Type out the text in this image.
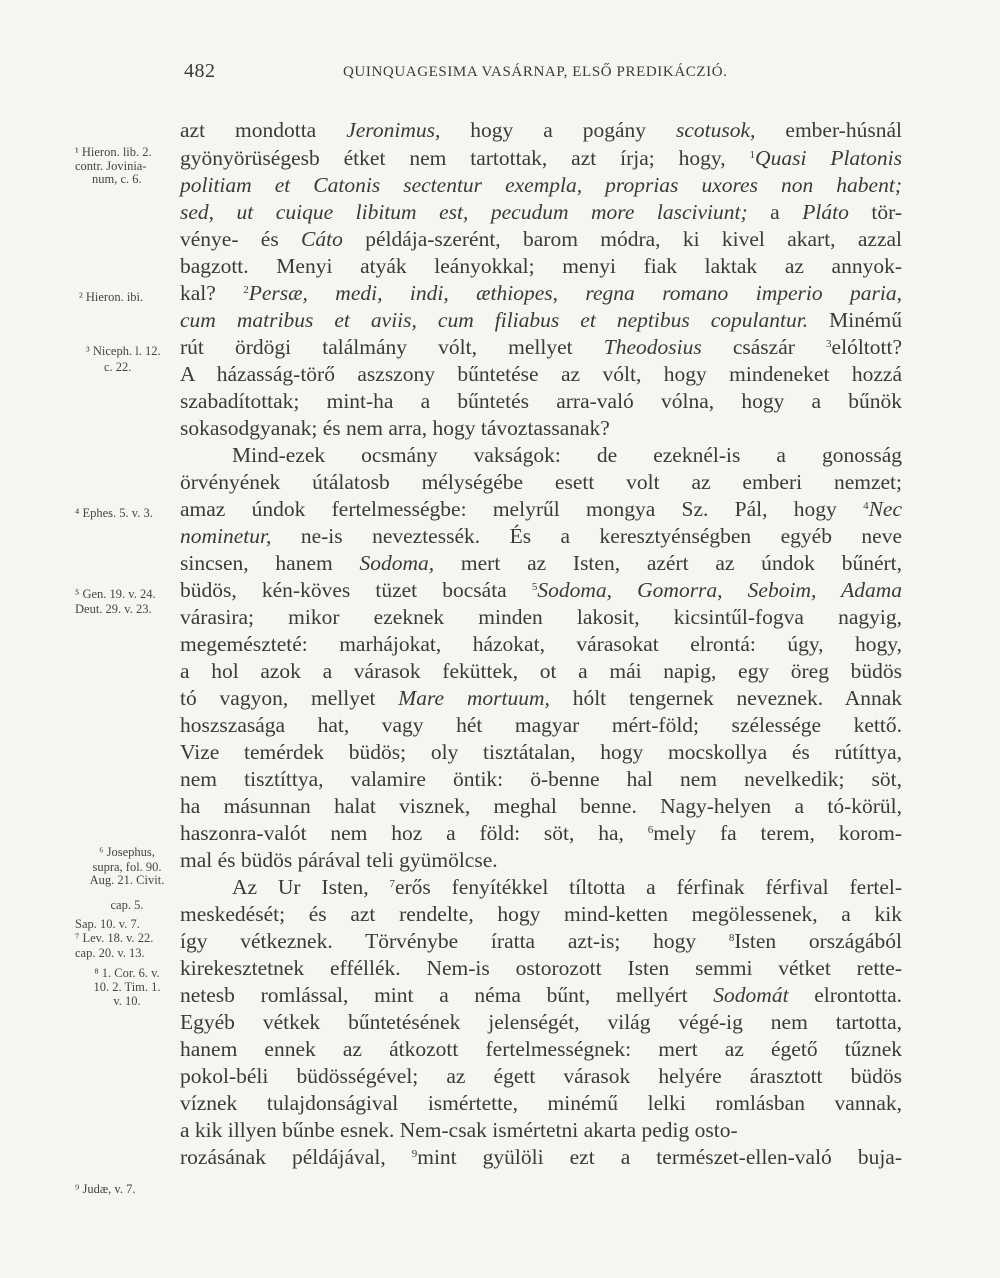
482	QUINQUAGESIMA VASÁRNAP, ELSŐ PREDIKÁCZIÓ.
azt mondotta Jeronimus, hogy a pogány scotusok, ember-húsnál
gyönyörüségesb étket nem tartottak, azt írja; hogy, $^1$Quasi Platonis
politiam et Catonis sectentur exempla, proprias uxores non habent;
sed, ut cuique libitum est, pecudum more lasciviunt; a Pláto tör-
vénye- és Cáto példája-szerént, barom módra, ki kivel akart, azzal
bagzott. Menyi atyák leányokkal; menyi fiak laktak az annyok-
kal? $^2$Persæ, medi, indi, æthiopes, regna romano imperio paria,
cum matribus et aviis, cum filiabus et neptibus copulantur. Minémű
rút ördögi találmány vólt, mellyet Theodosius császár $^3$elóltott?
A házasság-törő aszszony bűntetése az vólt, hogy mindeneket hozzá
szabadítottak; mint-ha a bűntetés arra-való vólna, hogy a bűnök
sokasodgyanak; és nem arra, hogy távoztassanak?
Mind-ezek ocsmány vakságok: de ezeknél-is a gonosság
örvényének útálatosb mélységébe esett volt az emberi nemzet;
amaz úndok fertelmességbe: melyrűl mongya Sz. Pál, hogy $^4$Nec
nominetur, ne-is neveztessék. És a keresztyénségben egyéb neve
sincsen, hanem Sodoma, mert az Isten, azért az úndok bűnért,
büdös, kén-köves tüzet bocsáta $^5$Sodoma, Gomorra, Seboim, Adama
várasira; mikor ezeknek minden lakosit, kicsintűl-fogva nagyig,
megemészteté: marhájokat, házokat, várasokat elrontá: úgy, hogy,
a hol azok a várasok feküttek, ot a mái napig, egy öreg büdös
tó vagyon, mellyet Mare mortuum, hólt tengernek neveznek. Annak
hoszszasága hat, vagy hét magyar mért-föld; szélessége kettő.
Vize temérdek büdös; oly tisztátalan, hogy mocskollya és rútíttya,
nem tisztíttya, valamire öntik: ö-benne hal nem nevelkedik; söt,
ha másunnan halat visznek, meghal benne. Nagy-helyen a tó-körül,
haszonra-valót nem hoz a föld: söt, ha, $^6$mely fa terem, korom-
mal és büdös párával teli gyümölcse.
Az Ur Isten, $^7$erős fenyítékkel tíltotta a férfinak férfival fertel-
meskedését; és azt rendelte, hogy mind-ketten megölessenek, a kik
így vétkeznek. Törvénybe íratta azt-is; hogy $^8$Isten országából
kirekesztetnek efféllék. Nem-is ostorozott Isten semmi vétket rette-
netesb romlással, mint a néma bűnt, mellyért Sodomát elrontotta.
Egyéb vétkek bűntetésének jelenségét, világ végé-ig nem tartotta,
hanem ennek az átkozott fertelmességnek: mert az égető tűznek
pokol-béli büdösségével; az égett várasok helyére árasztott büdös
víznek tulajdonságival ismértette, minémű lelki romlásban vannak,
a kik illyen bűnbe esnek. Nem-csak ismértetni akarta pedig osto-
rozásának példájával, $^9$mint gyülöli ezt a természet-ellen-való buja-
¹ Hieron. lib. 2.
contr. Jovinia-
num, c. 6.
² Hieron. ibi.
³ Niceph. l. 12.
c. 22.
⁴ Ephes. 5. v. 3.
⁵ Gen. 19. v. 24.
Deut. 29. v. 23.
⁶ Josephus,
supra, fol. 90.
Aug. 21. Civit.
cap. 5.
Sap. 10. v. 7.
⁷ Lev. 18. v. 22.
cap. 20. v. 13.
⁸ 1. Cor. 6. v.
10. 2. Tim. 1.
v. 10.
⁹ Judæ, v. 7.
